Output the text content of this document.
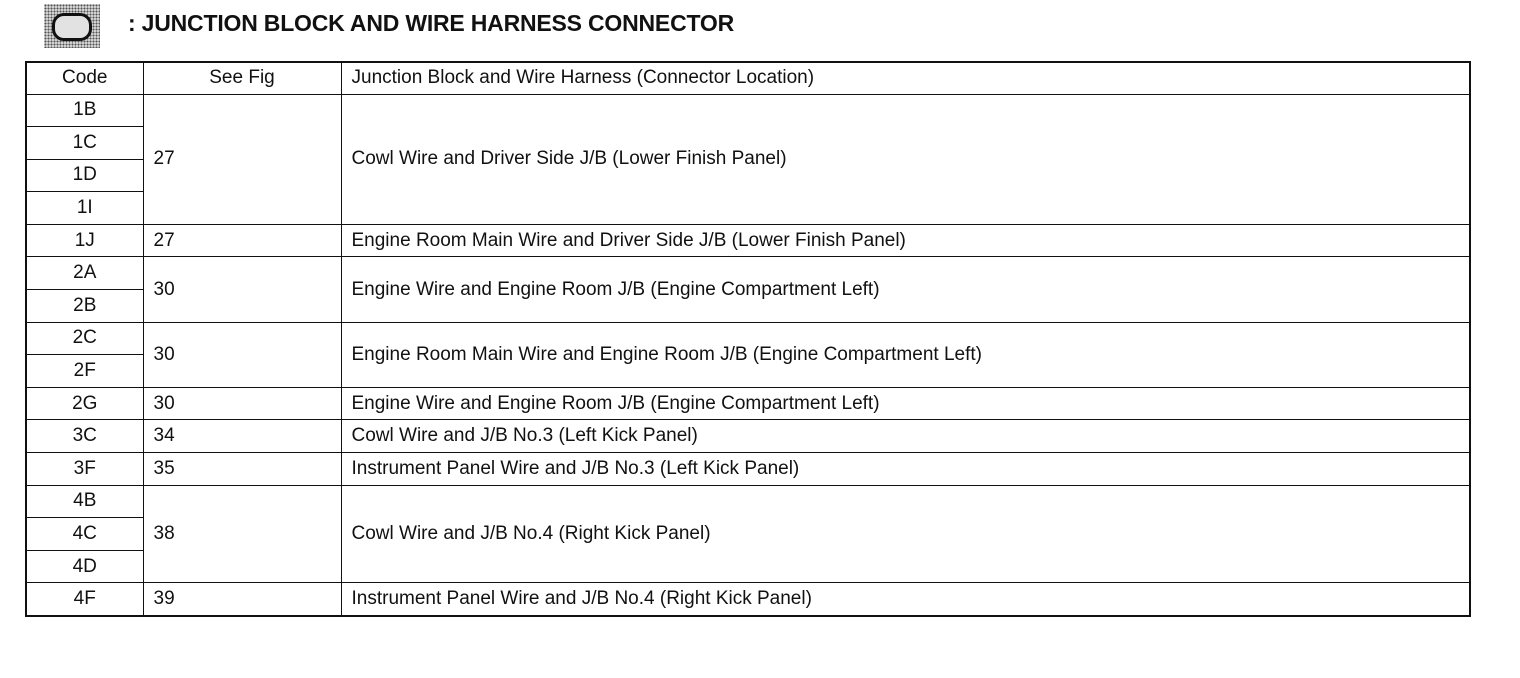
: JUNCTION BLOCK AND WIRE HARNESS CONNECTOR
Code	See Fig	Junction Block and Wire Harness (Connector Location)
1B	27	Cowl Wire and Driver Side J/B (Lower Finish Panel)
1C		
1D		
1I		
1J	27	Engine Room Main Wire and Driver Side J/B (Lower Finish Panel)
2A	30	Engine Wire and Engine Room J/B (Engine Compartment Left)
2B		
2C	30	Engine Room Main Wire and Engine Room J/B (Engine Compartment Left)
2F		
2G	30	Engine Wire and Engine Room J/B (Engine Compartment Left)
3C	34	Cowl Wire and J/B No.3 (Left Kick Panel)
3F	35	Instrument Panel Wire and J/B No.3 (Left Kick Panel)
4B	38	Cowl Wire and J/B No.4 (Right Kick Panel)
4C		
4D		
4F	39	Instrument Panel Wire and J/B No.4 (Right Kick Panel)
